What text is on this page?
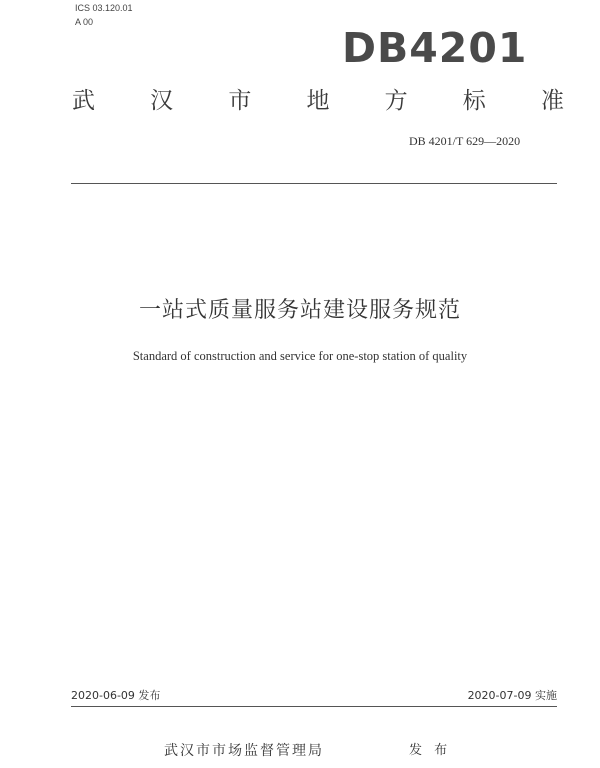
ICS 03.120.01
A 00
DB4201
武 汉 市 地 方 标 准
DB 4201/T 629—2020
一站式质量服务站建设服务规范
Standard of construction and service for one-stop station of quality
2020-06-09 发布	2020-07-09 实施
武汉市市场监督管理局	发 布
